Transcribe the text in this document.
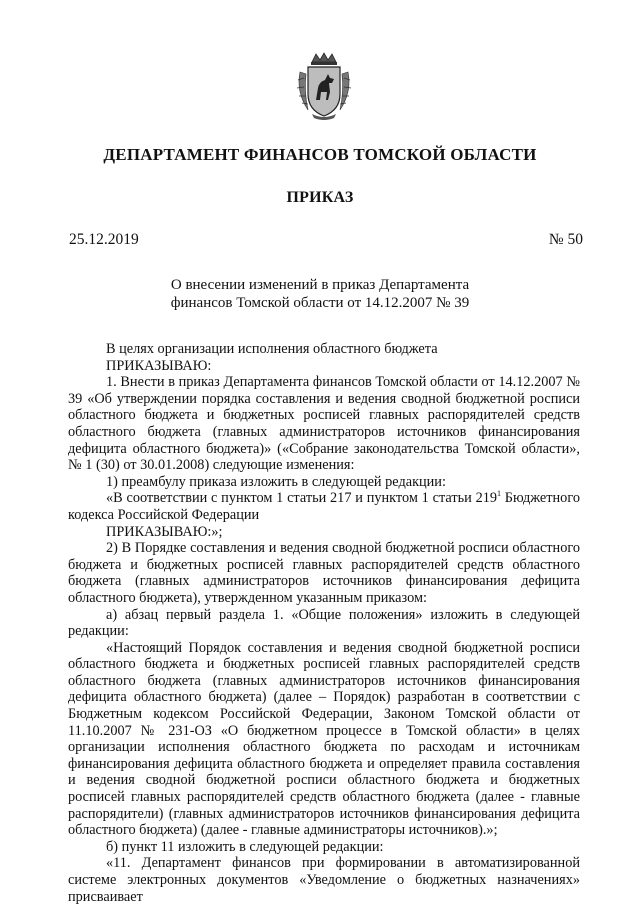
ДЕПАРТАМЕНТ ФИНАНСОВ ТОМСКОЙ ОБЛАСТИ
ПРИКАЗ
25.12.2019	№ 50
О внесении изменений в приказ Департамента
финансов Томской области от 14.12.2007 № 39

В целях организации исполнения областного бюджета

ПРИКАЗЫВАЮ:

1. Внести в приказ Департамента финансов Томской области от 14.12.2007 № 39 «Об утверждении порядка составления и ведения сводной бюджетной росписи областного бюджета и бюджетных росписей главных распорядителей средств областного бюджета (главных администраторов источников финансирования дефицита областного бюджета)» («Собрание законодательства Томской области», № 1 (30) от 30.01.2008) следующие изменения:

1) преамбулу приказа изложить в следующей редакции:

«В соответствии с пунктом 1 статьи 217 и пунктом 1 статьи $219^1$ Бюджетного кодекса Российской Федерации

ПРИКАЗЫВАЮ:»;

2) В Порядке составления и ведения сводной бюджетной росписи областного бюджета и бюджетных росписей главных распорядителей средств областного бюджета (главных администраторов источников финансирования дефицита областного бюджета), утвержденном указанным приказом:

а) абзац первый раздела 1. «Общие положения» изложить в следующей редакции:

«Настоящий Порядок составления и ведения сводной бюджетной росписи областного бюджета и бюджетных росписей главных распорядителей средств областного бюджета (главных администраторов источников финансирования дефицита областного бюджета) (далее – Порядок) разработан в соответствии с Бюджетным кодексом Российской Федерации, Законом Томской области от 11.10.2007 № 231-ОЗ «О бюджетном процессе в Томской области» в целях организации исполнения областного бюджета по расходам и источникам финансирования дефицита областного бюджета и определяет правила составления и ведения сводной бюджетной росписи областного бюджета и бюджетных росписей главных распорядителей средств областного бюджета (далее - главные распорядители) (главных администраторов источников финансирования дефицита областного бюджета) (далее - главные администраторы источников).»;

б) пункт 11 изложить в следующей редакции:

«11. Департамент финансов при формировании в автоматизированной системе электронных документов «Уведомление о бюджетных назначениях» присваивает
